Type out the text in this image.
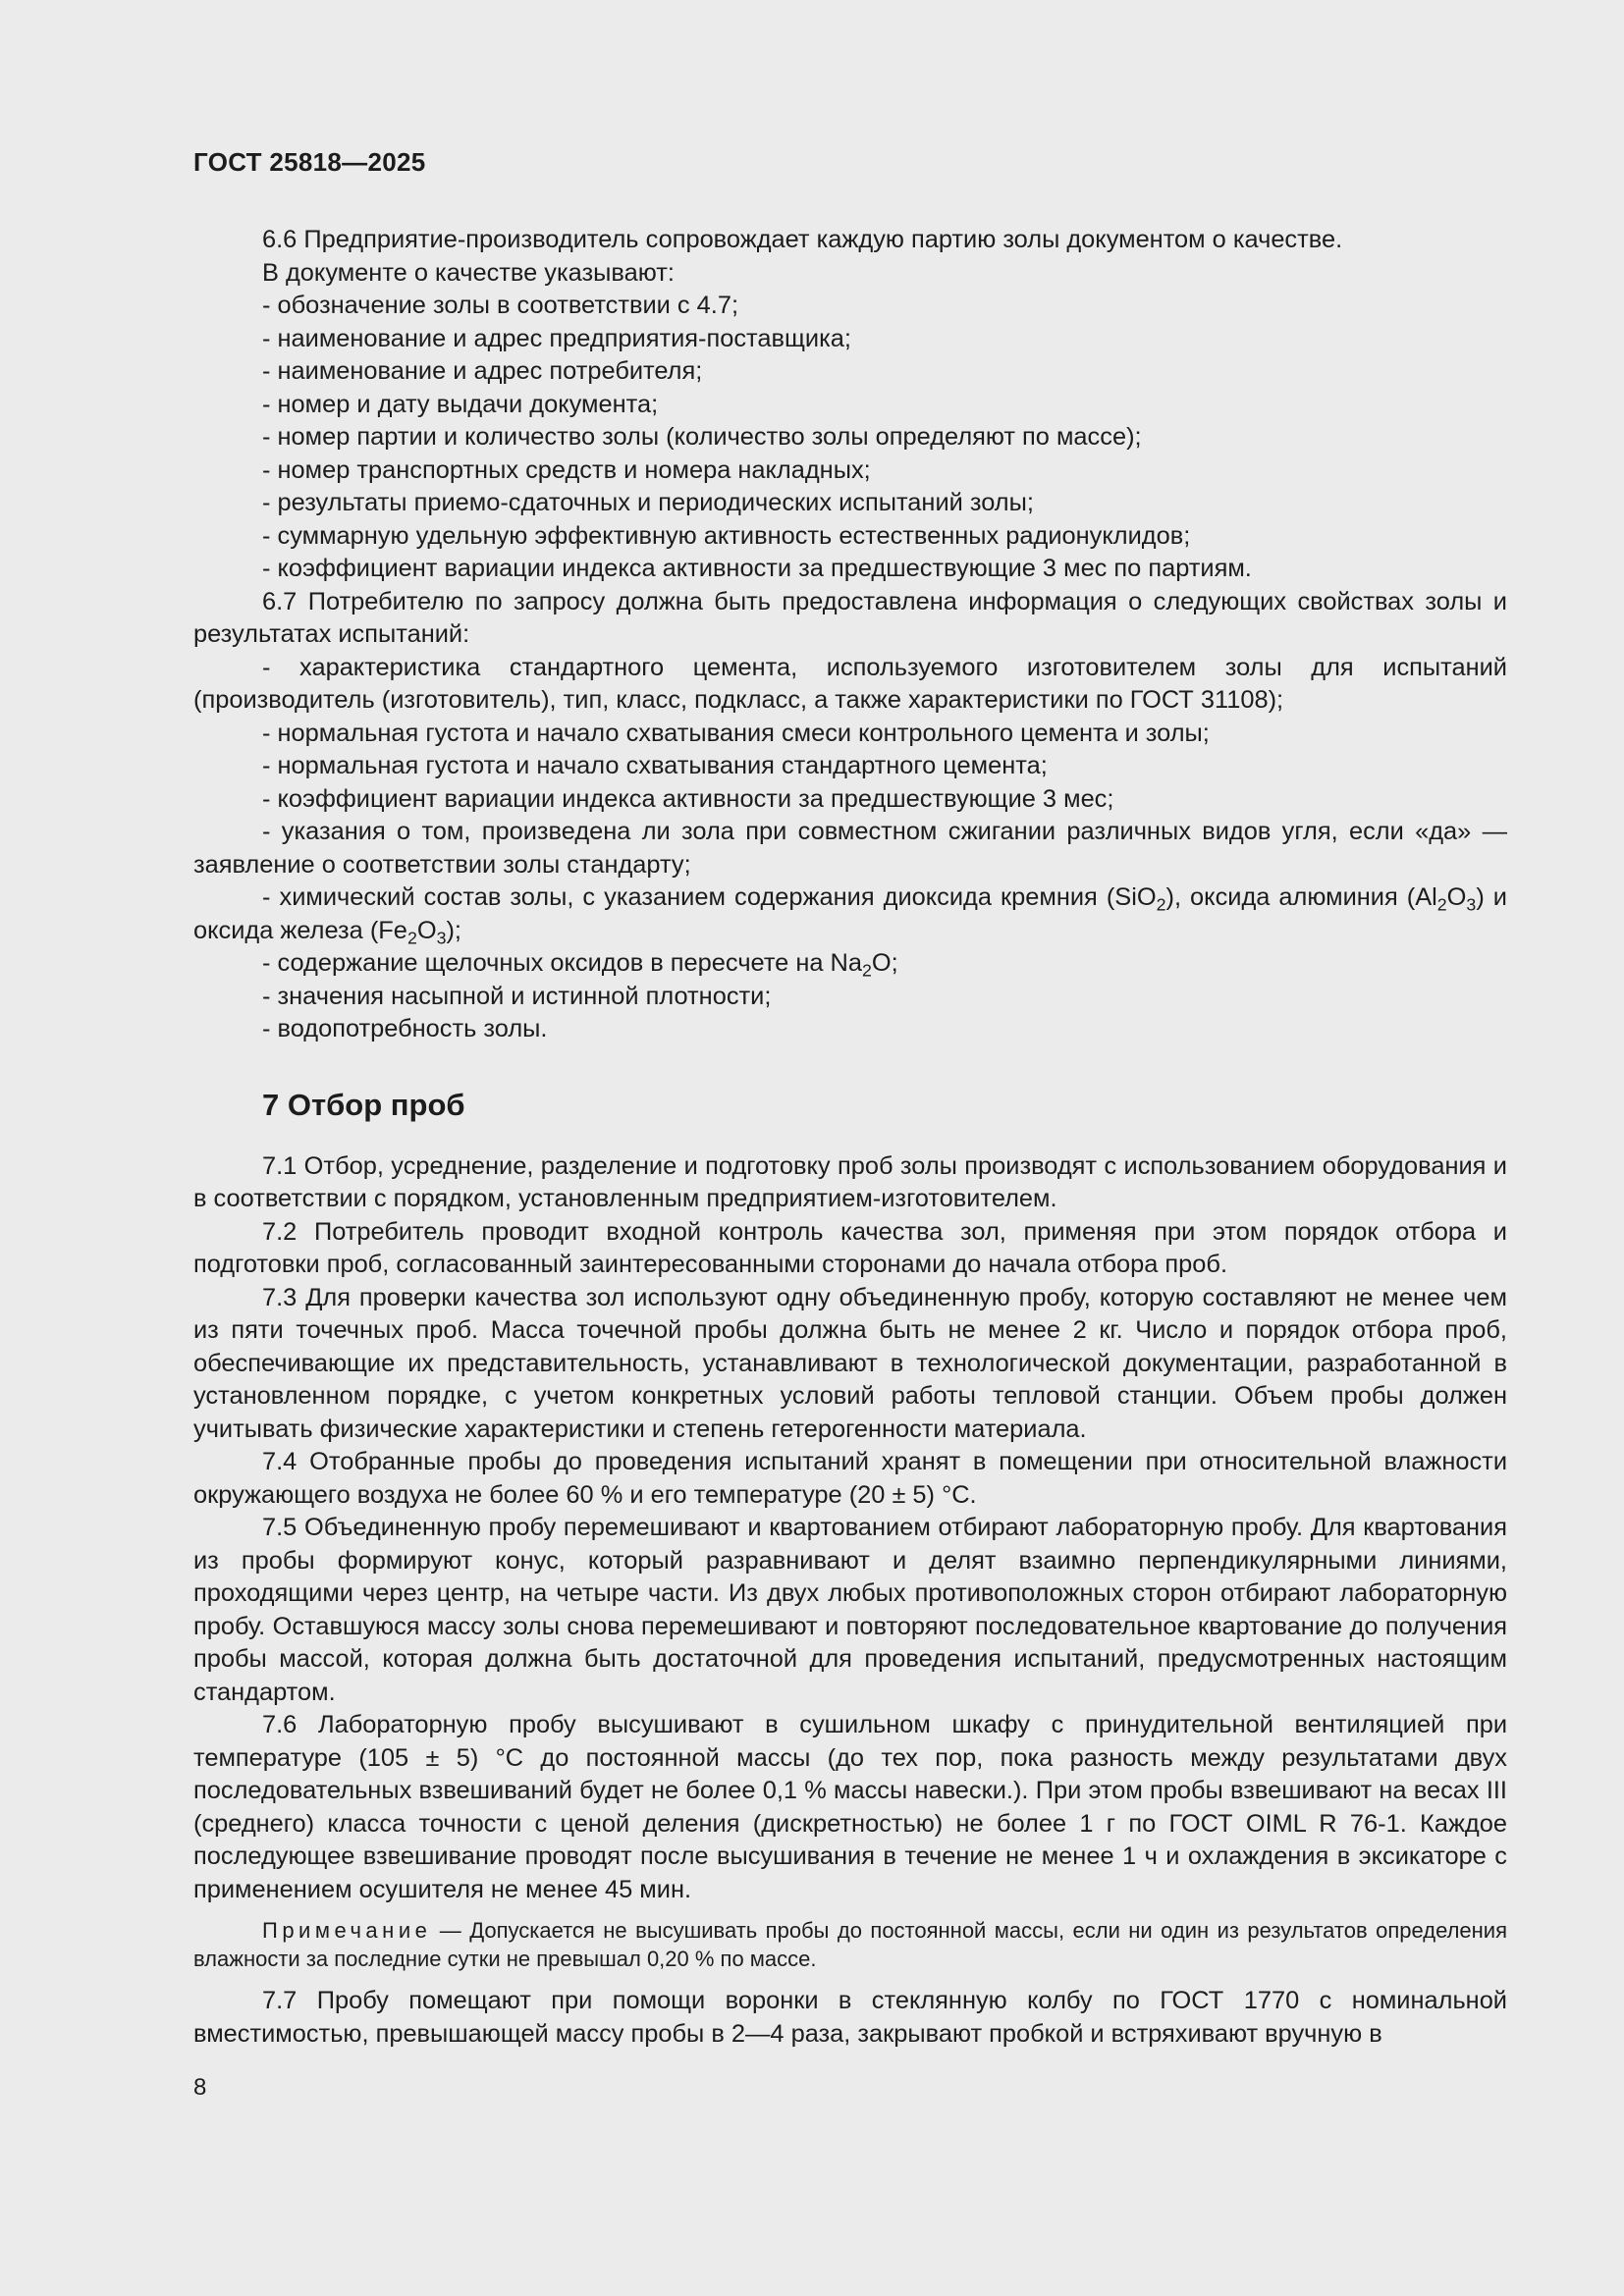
ГОСТ 25818—2025

6.6 Предприятие-производитель сопровождает каждую партию золы документом о качестве.

В документе о качестве указывают:

- обозначение золы в соответствии с 4.7;

- наименование и адрес предприятия-поставщика;

- наименование и адрес потребителя;

- номер и дату выдачи документа;

- номер партии и количество золы (количество золы определяют по массе);

- номер транспортных средств и номера накладных;

- результаты приемо-сдаточных и периодических испытаний золы;

- суммарную удельную эффективную активность естественных радионуклидов;

- коэффициент вариации индекса активности за предшествующие 3 мес по партиям.

6.7 Потребителю по запросу должна быть предоставлена информация о следующих свойствах золы и результатах испытаний:

- характеристика стандартного цемента, используемого изготовителем золы для испытаний (производитель (изготовитель), тип, класс, подкласс, а также характеристики по ГОСТ 31108);

- нормальная густота и начало схватывания смеси контрольного цемента и золы;

- нормальная густота и начало схватывания стандартного цемента;

- коэффициент вариации индекса активности за предшествующие 3 мес;

- указания о том, произведена ли зола при совместном сжигании различных видов угля, если «да» — заявление о соответствии золы стандарту;

- химический состав золы, с указанием содержания диоксида кремния (SiO$_2$), оксида алюминия $(Al_2O_3)$ и оксида железа $(Fe_2O_3)$;

- содержание щелочных оксидов в пересчете на $Na_2O$;

- значения насыпной и истинной плотности;

- водопотребность золы.

7 Отбор проб

7.1 Отбор, усреднение, разделение и подготовку проб золы производят с использованием оборудования и в соответствии с порядком, установленным предприятием-изготовителем.

7.2 Потребитель проводит входной контроль качества зол, применяя при этом порядок отбора и подготовки проб, согласованный заинтересованными сторонами до начала отбора проб.

7.3 Для проверки качества зол используют одну объединенную пробу, которую составляют не менее чем из пяти точечных проб. Масса точечной пробы должна быть не менее 2 кг. Число и порядок отбора проб, обеспечивающие их представительность, устанавливают в технологической документации, разработанной в установленном порядке, с учетом конкретных условий работы тепловой станции. Объем пробы должен учитывать физические характеристики и степень гетерогенности материала.

7.4 Отобранные пробы до проведения испытаний хранят в помещении при относительной влажности окружающего воздуха не более 60 % и его температуре (20 ± 5) °С.

7.5 Объединенную пробу перемешивают и квартованием отбирают лабораторную пробу. Для квартования из пробы формируют конус, который разравнивают и делят взаимно перпендикулярными линиями, проходящими через центр, на четыре части. Из двух любых противоположных сторон отбирают лабораторную пробу. Оставшуюся массу золы снова перемешивают и повторяют последовательное квартование до получения пробы массой, которая должна быть достаточной для проведения испытаний, предусмотренных настоящим стандартом.

7.6 Лабораторную пробу высушивают в сушильном шкафу с принудительной вентиляцией при температуре (105 ± 5) °С до постоянной массы (до тех пор, пока разность между результатами двух последовательных взвешиваний будет не более 0,1 % массы навески.). При этом пробы взвешивают на весах III (среднего) класса точности с ценой деления (дискретностью) не более 1 г по ГОСТ OIML R 76-1. Каждое последующее взвешивание проводят после высушивания в течение не менее 1 ч и охлаждения в эксикаторе с применением осушителя не менее 45 мин.

Примечание — Допускается не высушивать пробы до постоянной массы, если ни один из результатов определения влажности за последние сутки не превышал 0,20 % по массе.

7.7 Пробу помещают при помощи воронки в стеклянную колбу по ГОСТ 1770 с номинальной вместимостью, превышающей массу пробы в 2—4 раза, закрывают пробкой и встряхивают вручную в

8
